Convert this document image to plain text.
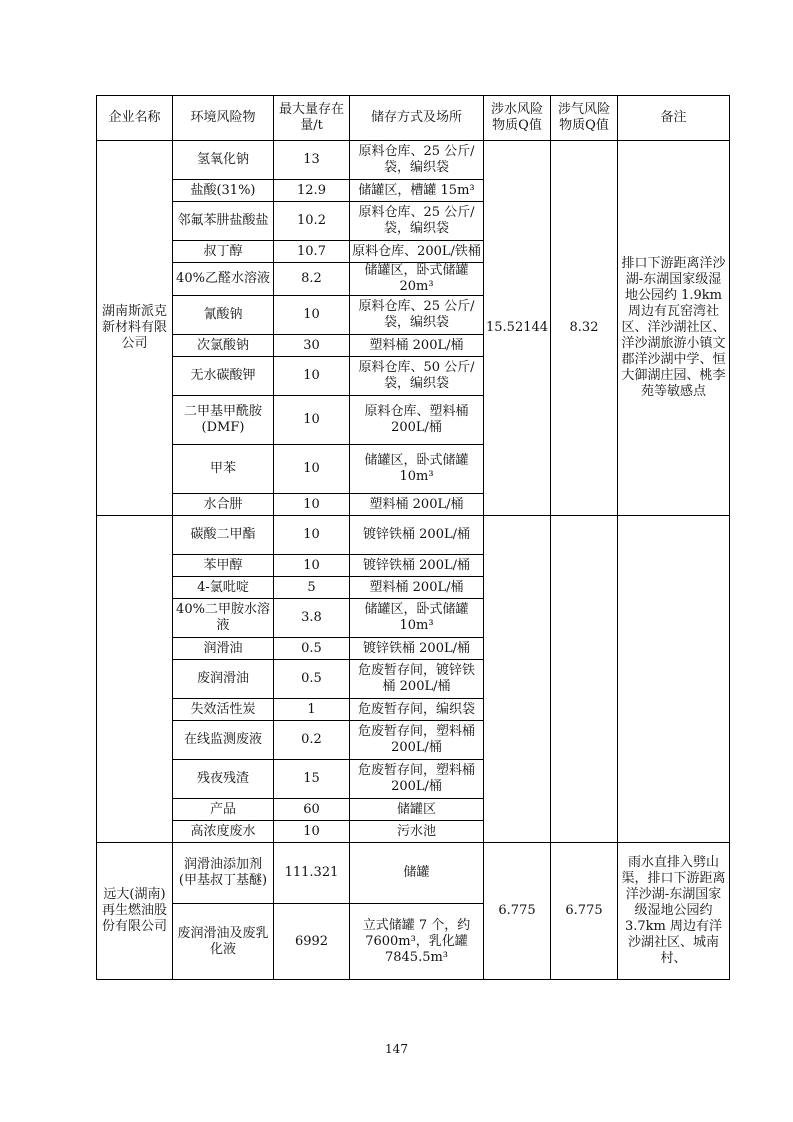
企业名称	环境风险物	最大量存在量/t	储存方式及场所	涉水风险物质Q值	涉气风险物质Q值	备注
湖南斯派克新材料有限公司	氢氧化钠	13	原料仓库、25 公斤/袋，编织袋	15.52144	8.32	排口下游距离洋沙湖-东湖国家级湿地公园约 1.9km 周边有瓦窑湾社区、洋沙湖社区、洋沙湖旅游小镇文郡洋沙湖中学、恒大御湖庄园、桃李苑等敏感点
	盐酸(31%)	12.9	储罐区，槽罐 15m³			
	邻氟苯肼盐酸盐	10.2	原料仓库、25 公斤/袋，编织袋			
	叔丁醇	10.7	原料仓库、200L/铁桶			
	40%乙醛水溶液	8.2	储罐区，卧式储罐 20m³			
	氰酸钠	10	原料仓库、25 公斤/袋，编织袋			
	次氯酸钠	30	塑料桶 200L/桶			
	无水碳酸钾	10	原料仓库、50 公斤/袋，编织袋			
	二甲基甲酰胺(DMF)	10	原料仓库、塑料桶 200L/桶			
	甲苯	10	储罐区，卧式储罐 10m³			
	水合肼	10	塑料桶 200L/桶			
	碳酸二甲酯	10	镀锌铁桶 200L/桶			
	苯甲醇	10	镀锌铁桶 200L/桶			
	4-氯吡啶	5	塑料桶 200L/桶			
	40%二甲胺水溶液	3.8	储罐区，卧式储罐 10m³			
	润滑油	0.5	镀锌铁桶 200L/桶			
	废润滑油	0.5	危废暂存间，镀锌铁桶 200L/桶			
	失效活性炭	1	危废暂存间，编织袋			
	在线监测废液	0.2	危废暂存间，塑料桶 200L/桶			
	残夜残渣	15	危废暂存间，塑料桶 200L/桶			
	产品	60	储罐区			
	高浓度废水	10	污水池			
远大(湖南)再生燃油股份有限公司	润滑油添加剂 (甲基叔丁基醚)	111.321	储罐	6.775	6.775	雨水直排入劈山渠，排口下游距离洋沙湖-东湖国家级湿地公园约 3.7km 周边有洋沙湖社区、城南村、
	废润滑油及废乳化液	6992	立式储罐 7 个，约 7600m³，乳化罐 7845.5m³			
147
